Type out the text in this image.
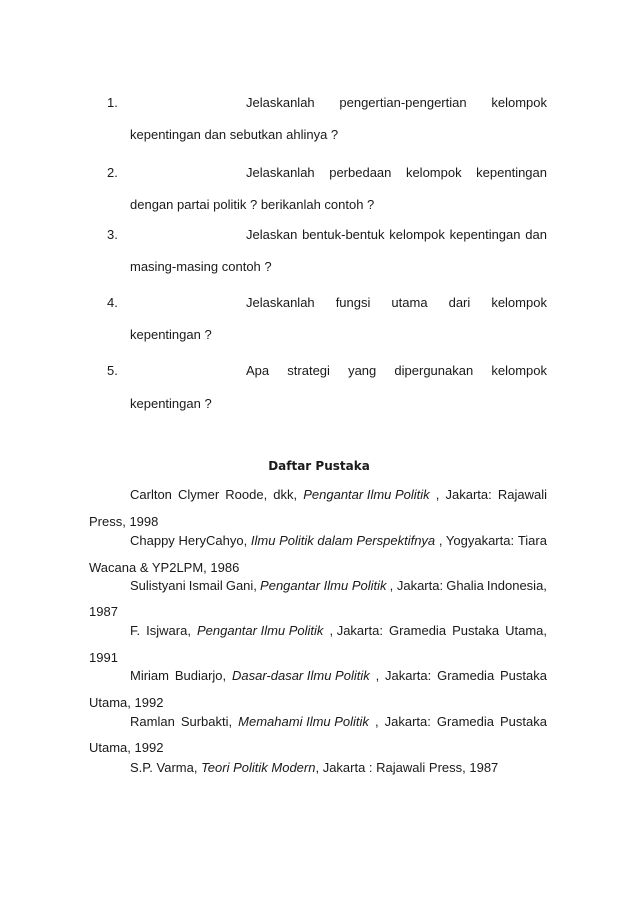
1.	Jelaskanlah pengertian-pengertian kelompok
kepentingan dan sebutkan ahlinya ?
2.	Jelaskanlah perbedaan kelompok kepentingan
dengan partai politik ? berikanlah contoh ?
3.	Jelaskan bentuk-bentuk kelompok kepentingan dan
masing-masing contoh ?
4.	Jelaskanlah fungsi utama dari kelompok
kepentingan ?
5.	Apa strategi yang dipergunakan kelompok
kepentingan ?
Daftar Pustaka
Carlton Clymer Roode, dkk, Pengantar Ilmu Politik , Jakarta: Rajawali
Press, 1998
Chappy HeryCahyo, Ilmu Politik dalam Perspektifnya , Yogyakarta: Tiara
Wacana & YP2LPM, 1986
Sulistyani Ismail Gani, Pengantar Ilmu Politik , Jakarta: Ghalia Indonesia,
1987
F. Isjwara, Pengantar Ilmu Politik , Jakarta: Gramedia Pustaka Utama,
1991
Miriam Budiarjo, Dasar-dasar Ilmu Politik , Jakarta: Gramedia Pustaka
Utama, 1992
Ramlan Surbakti, Memahami Ilmu Politik , Jakarta: Gramedia Pustaka
Utama, 1992
S.P. Varma, Teori Politik Modern, Jakarta : Rajawali Press, 1987
